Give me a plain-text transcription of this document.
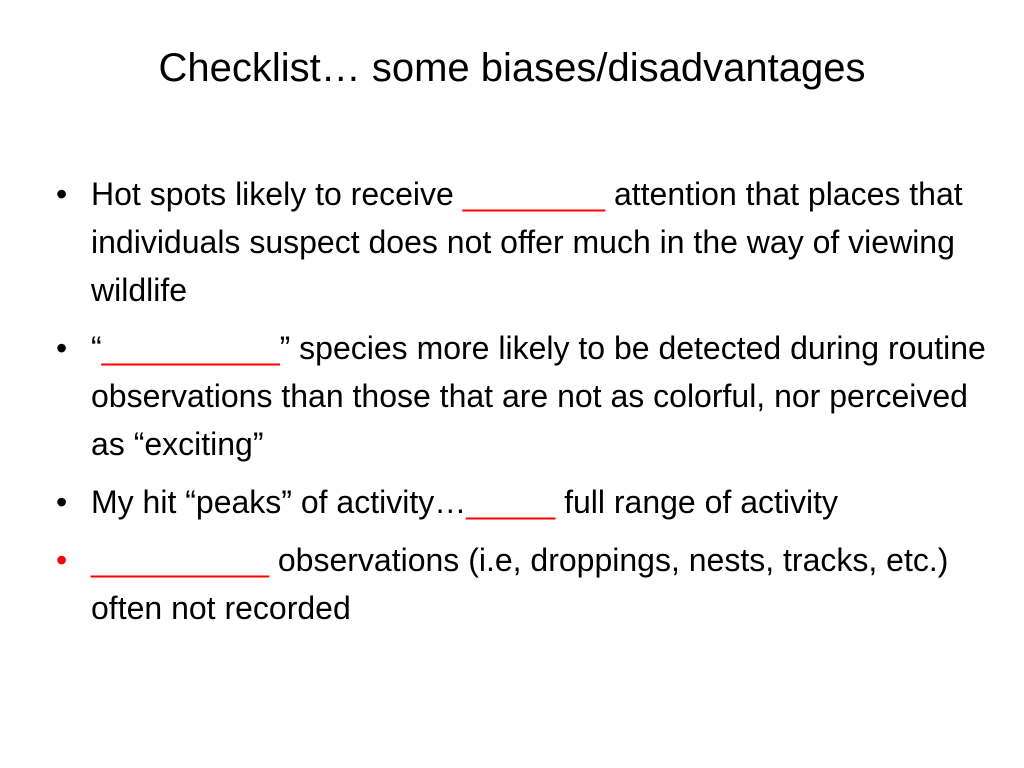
Checklist… some biases/disadvantages
• Hot spots likely to receive ________ attention that places that individuals suspect does not offer much in the way of viewing wildlife
• “__________” species more likely to be detected during routine observations than those that are not as colorful, nor perceived as “exciting”
• My hit “peaks” of activity…_____ full range of activity
• __________ observations (i.e, droppings, nests, tracks, etc.) often not recorded
